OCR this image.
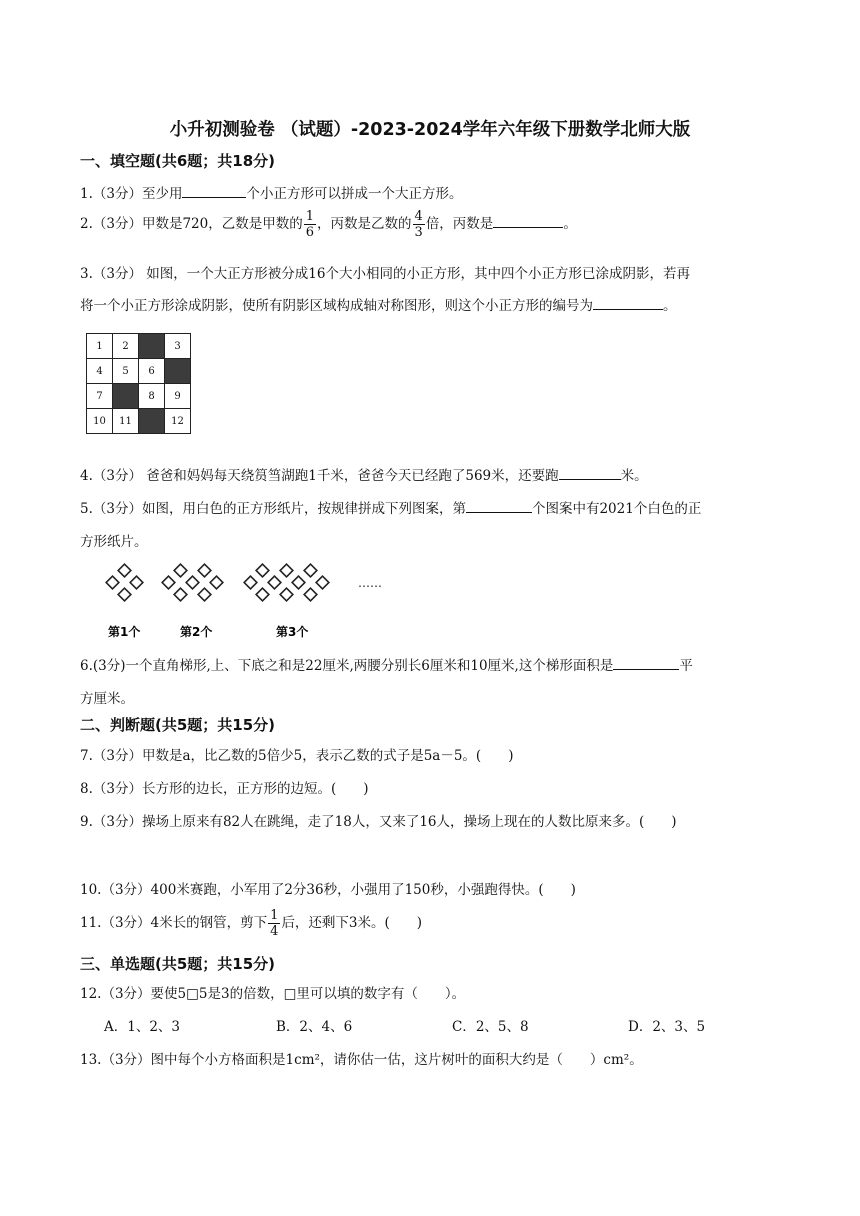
小升初测验卷 （试题）-2023-2024学年六年级下册数学北师大版
一、填空题(共6题；共18分)
1.（3分）至少用	个小正方形可以拼成一个大正方形。
2.（3分）甲数是720，乙数是甲数的 $\frac{1}{6}$ ，丙数是乙数的 $\frac{4}{3}$ 倍，丙数是	。
3.（3分） 如图，一个大正方形被分成16个大小相同的小正方形，其中四个小正方形已涂成阴影，若再
将一个小正方形涂成阴影，使所有阴影区域构成轴对称图形，则这个小正方形的编号为	。
1	2		3
4	5	6	
7		8	9
10	11		12
4.（3分） 爸爸和妈妈每天绕筼筜湖跑1千米，爸爸今天已经跑了569米，还要跑	米。
5.（3分）如图，用白色的正方形纸片，按规律拼成下列图案，第	个图案中有2021个白色的正
方形纸片。
……
第1个	第2个	第3个
6.(3分)一个直角梯形,上、下底之和是22厘米,两腰分别长6厘米和10厘米,这个梯形面积是	平
方厘米。
二、判断题(共5题；共15分)
7.（3分）甲数是a，比乙数的5倍少5，表示乙数的式子是5a－5。(　　)
8.（3分）长方形的边长，正方形的边短。(　　)
9.（3分）操场上原来有82人在跳绳，走了18人，又来了16人，操场上现在的人数比原来多。(　　)
10.（3分）400米赛跑，小军用了2分36秒，小强用了150秒，小强跑得快。(　　)
11.（3分）4米长的钢管，剪下 $\frac{1}{4}$ 后，还剩下3米。(　　)
三、单选题(共5题；共15分)
12.（3分）要使5□5是3的倍数，□里可以填的数字有（　　）。
A．1、2、3	B．2、4、6	C．2、5、8	D．2、3、5
13.（3分）图中每个小方格面积是1cm²，请你估一估，这片树叶的面积大约是（　　）cm²。
